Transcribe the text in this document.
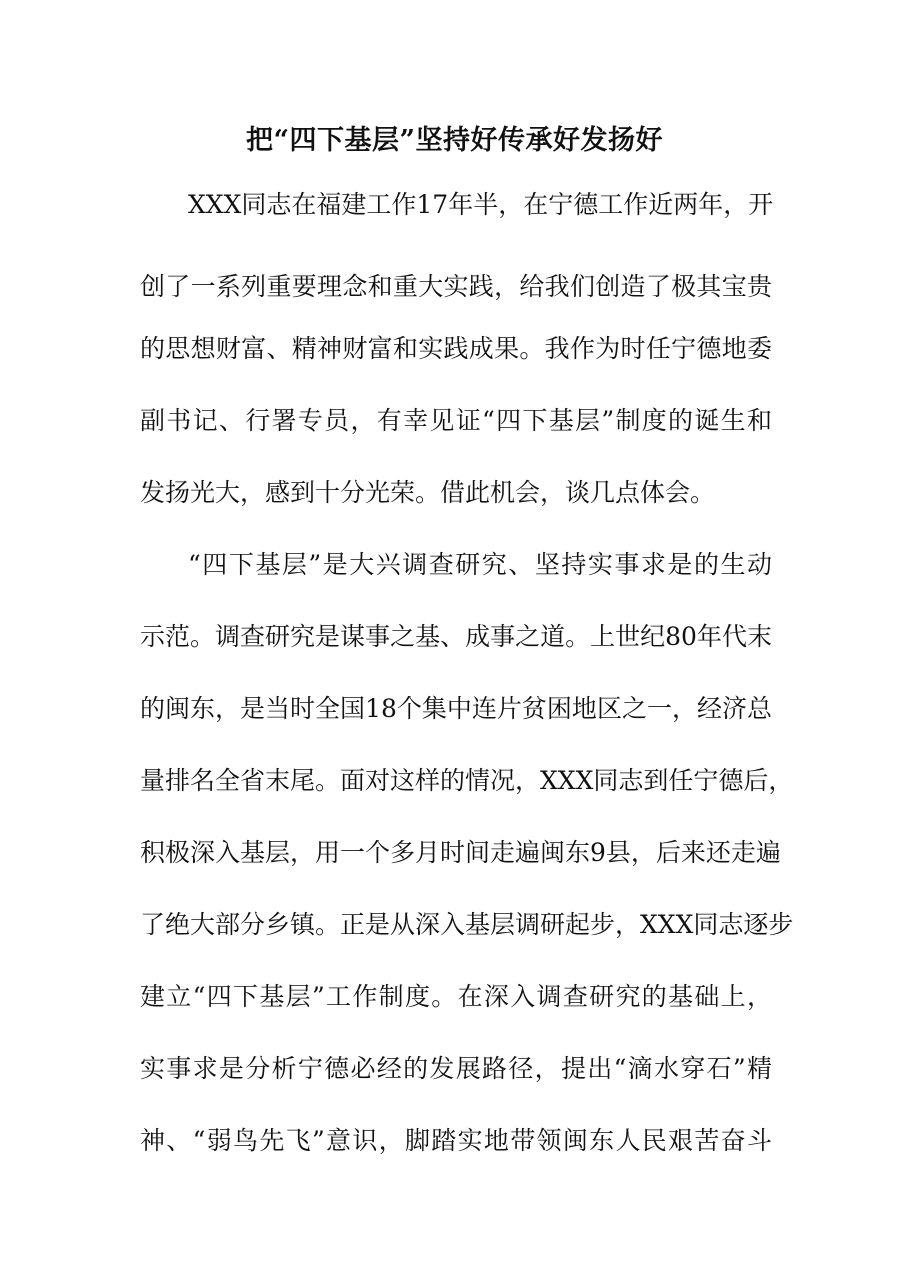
把“四下基层”坚持好传承好发扬好
XXX同志在福建工作17年半，在宁德工作近两年，开
创了一系列重要理念和重大实践，给我们创造了极其宝贵
的思想财富、精神财富和实践成果。我作为时任宁德地委
副书记、行署专员，有幸见证“四下基层”制度的诞生和
发扬光大，感到十分光荣。借此机会，谈几点体会。
“四下基层”是大兴调查研究、坚持实事求是的生动
示范。调查研究是谋事之基、成事之道。上世纪80年代末
的闽东，是当时全国18个集中连片贫困地区之一，经济总
量排名全省末尾。面对这样的情况，XXX同志到任宁德后，
积极深入基层，用一个多月时间走遍闽东9县，后来还走遍
了绝大部分乡镇。正是从深入基层调研起步，XXX同志逐步
建立“四下基层”工作制度。在深入调查研究的基础上，
实事求是分析宁德必经的发展路径，提出“滴水穿石”精
神、“弱鸟先飞”意识，脚踏实地带领闽东人民艰苦奋斗
